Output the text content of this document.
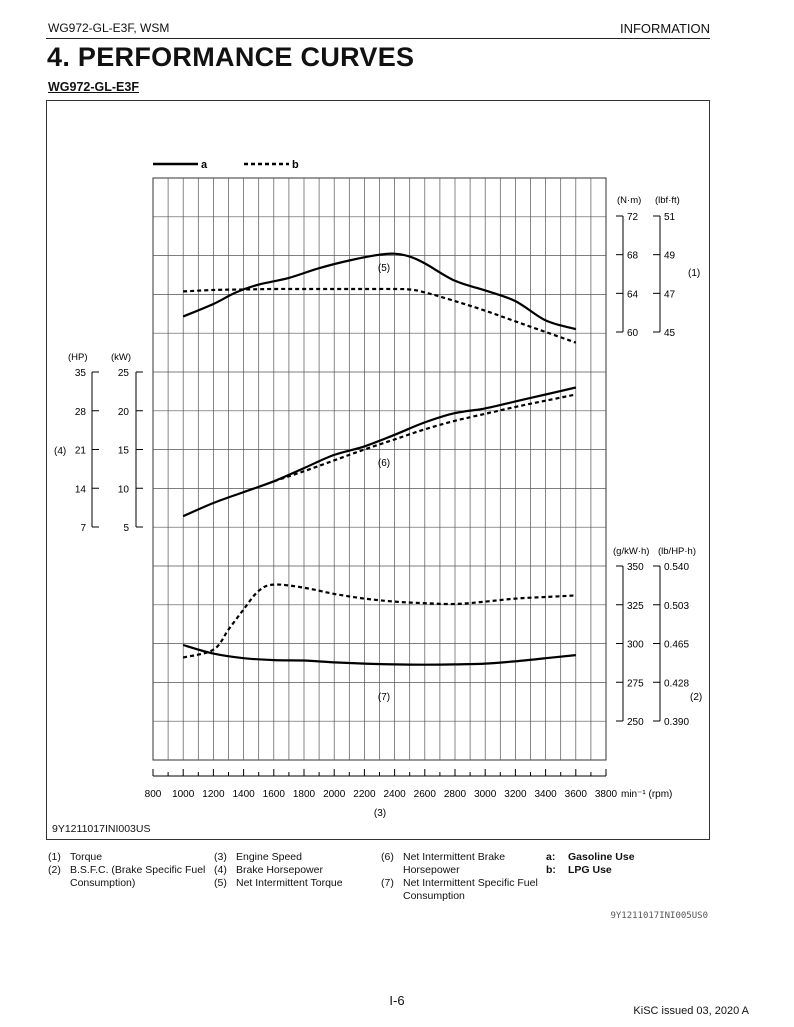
WG972-GL-E3F, WSM	INFORMATION
4. PERFORMANCE CURVES
WG972-GL-E3F
a	b
800 1000 1200 1400 1600 1800 2000 2200 2400 2600 2800 3000 3200 3400 3600 3800 min⁻¹ (rpm)
(3)
72
68
64
60
51
49
47
45
(N·m) (lbf·ft)
(1)
35
28
21
14
7
25
20
15
10
5
(HP) (kW)
(4)
350
325
300
275
250
0.540
0.503
0.465
0.428
0.390
(g/kW·h) (lb/HP·h)
(2)
(5)
(6)
(7)
9Y1211017INI003US
(1) Torque
(2) B.S.F.C. (Brake Specific Fuel
Consumption)
(3) Engine Speed
(4) Brake Horsepower
(5) Net Intermittent Torque
(6) Net Intermittent Brake
Horsepower
(7) Net Intermittent Specific Fuel
Consumption
a: Gasoline Use
b: LPG Use
9Y1211017INI005US0
I-6
KiSC issued 03, 2020 A
